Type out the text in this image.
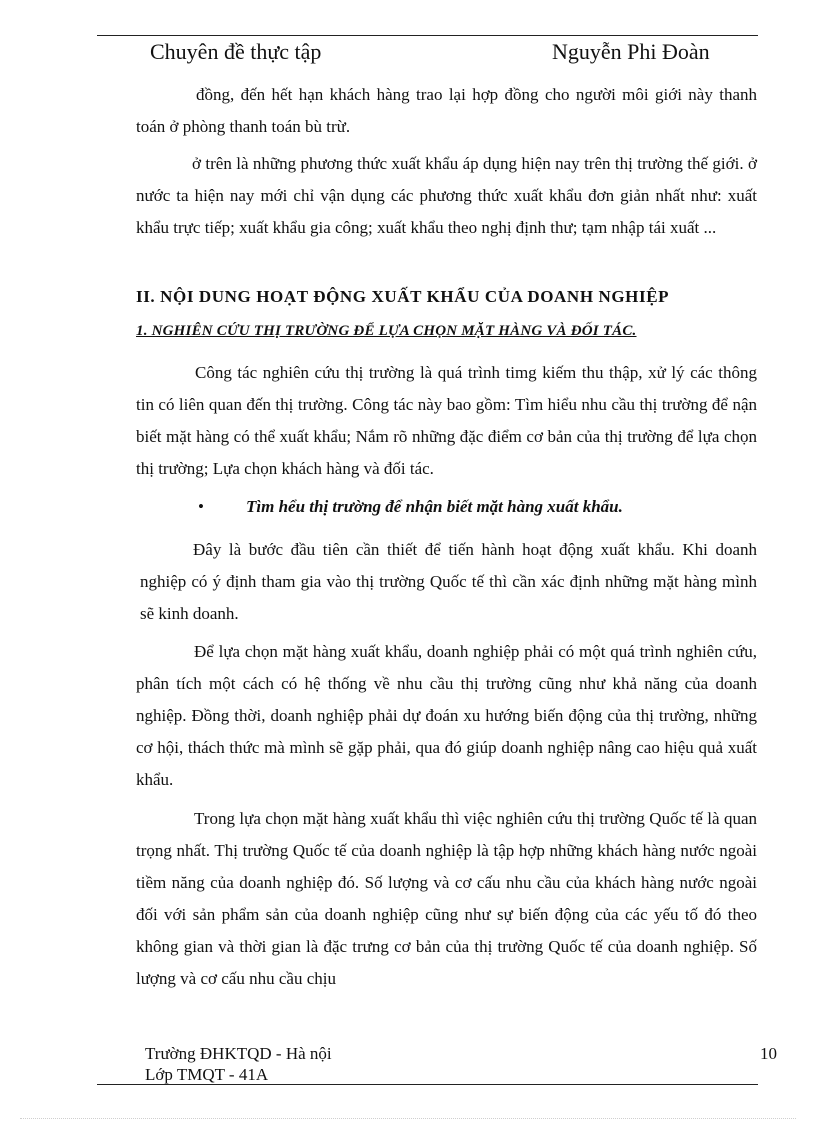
Chuyên đề thực tập	Nguyễn Phi Đoàn
đồng, đến hết hạn khách hàng trao lại hợp đồng cho người môi giới này thanh toán ở phòng thanh toán bù trừ.
ở trên là những phương thức xuất khẩu áp dụng hiện nay trên thị trường thế giới. ở nước ta hiện nay mới chỉ vận dụng các phương thức xuất khẩu đơn giản nhất như: xuất khẩu trực tiếp; xuất khẩu gia công; xuất khẩu theo nghị định thư; tạm nhập tái xuất ...
II. NỘI DUNG HOẠT ĐỘNG XUẤT KHẨU CỦA DOANH NGHIỆP
1. NGHIÊN CỨU THỊ TRƯỜNG ĐỂ LỰA CHỌN MẶT HÀNG VÀ ĐỐI TÁC.
Công tác nghiên cứu thị trường là quá trình timg kiếm thu thập, xử lý các thông tin có liên quan đến thị trường. Công tác này bao gồm: Tìm hiểu nhu cầu thị trường để nận biết mặt hàng có thể xuất khẩu; Nắm rõ những đặc điểm cơ bản của thị trường để lựa chọn thị trường; Lựa chọn khách hàng và đối tác.
• Tìm hểu thị trường để nhận biết mặt hàng xuất khẩu.
Đây là bước đầu tiên cần thiết để tiến hành hoạt động xuất khẩu. Khi doanh nghiệp có ý định tham gia vào thị trường Quốc tế thì cần xác định những mặt hàng mình sẽ kinh doanh.
Để lựa chọn mặt hàng xuất khẩu, doanh nghiệp phải có một quá trình nghiên cứu, phân tích một cách có hệ thống về nhu cầu thị trường cũng như khả năng của doanh nghiệp. Đồng thời, doanh nghiệp phải dự đoán xu hướng biến động của thị trường, những cơ hội, thách thức mà mình sẽ gặp phải, qua đó giúp doanh nghiệp nâng cao hiệu quả xuất khẩu.
Trong lựa chọn mặt hàng xuất khẩu thì việc nghiên cứu thị trường Quốc tế là quan trọng nhất. Thị trường Quốc tế của doanh nghiệp là tập hợp những khách hàng nước ngoài tiềm năng của doanh nghiệp đó. Số lượng và cơ cấu nhu cầu của khách hàng nước ngoài đối với sản phẩm sản của doanh nghiệp cũng như sự biến động của các yếu tố đó theo không gian và thời gian là đặc trưng cơ bản của thị trường Quốc tế của doanh nghiệp. Số lượng và cơ cấu nhu cầu chịu
Trường ĐHKTQD - Hà nội
Lớp TMQT - 41A
10
